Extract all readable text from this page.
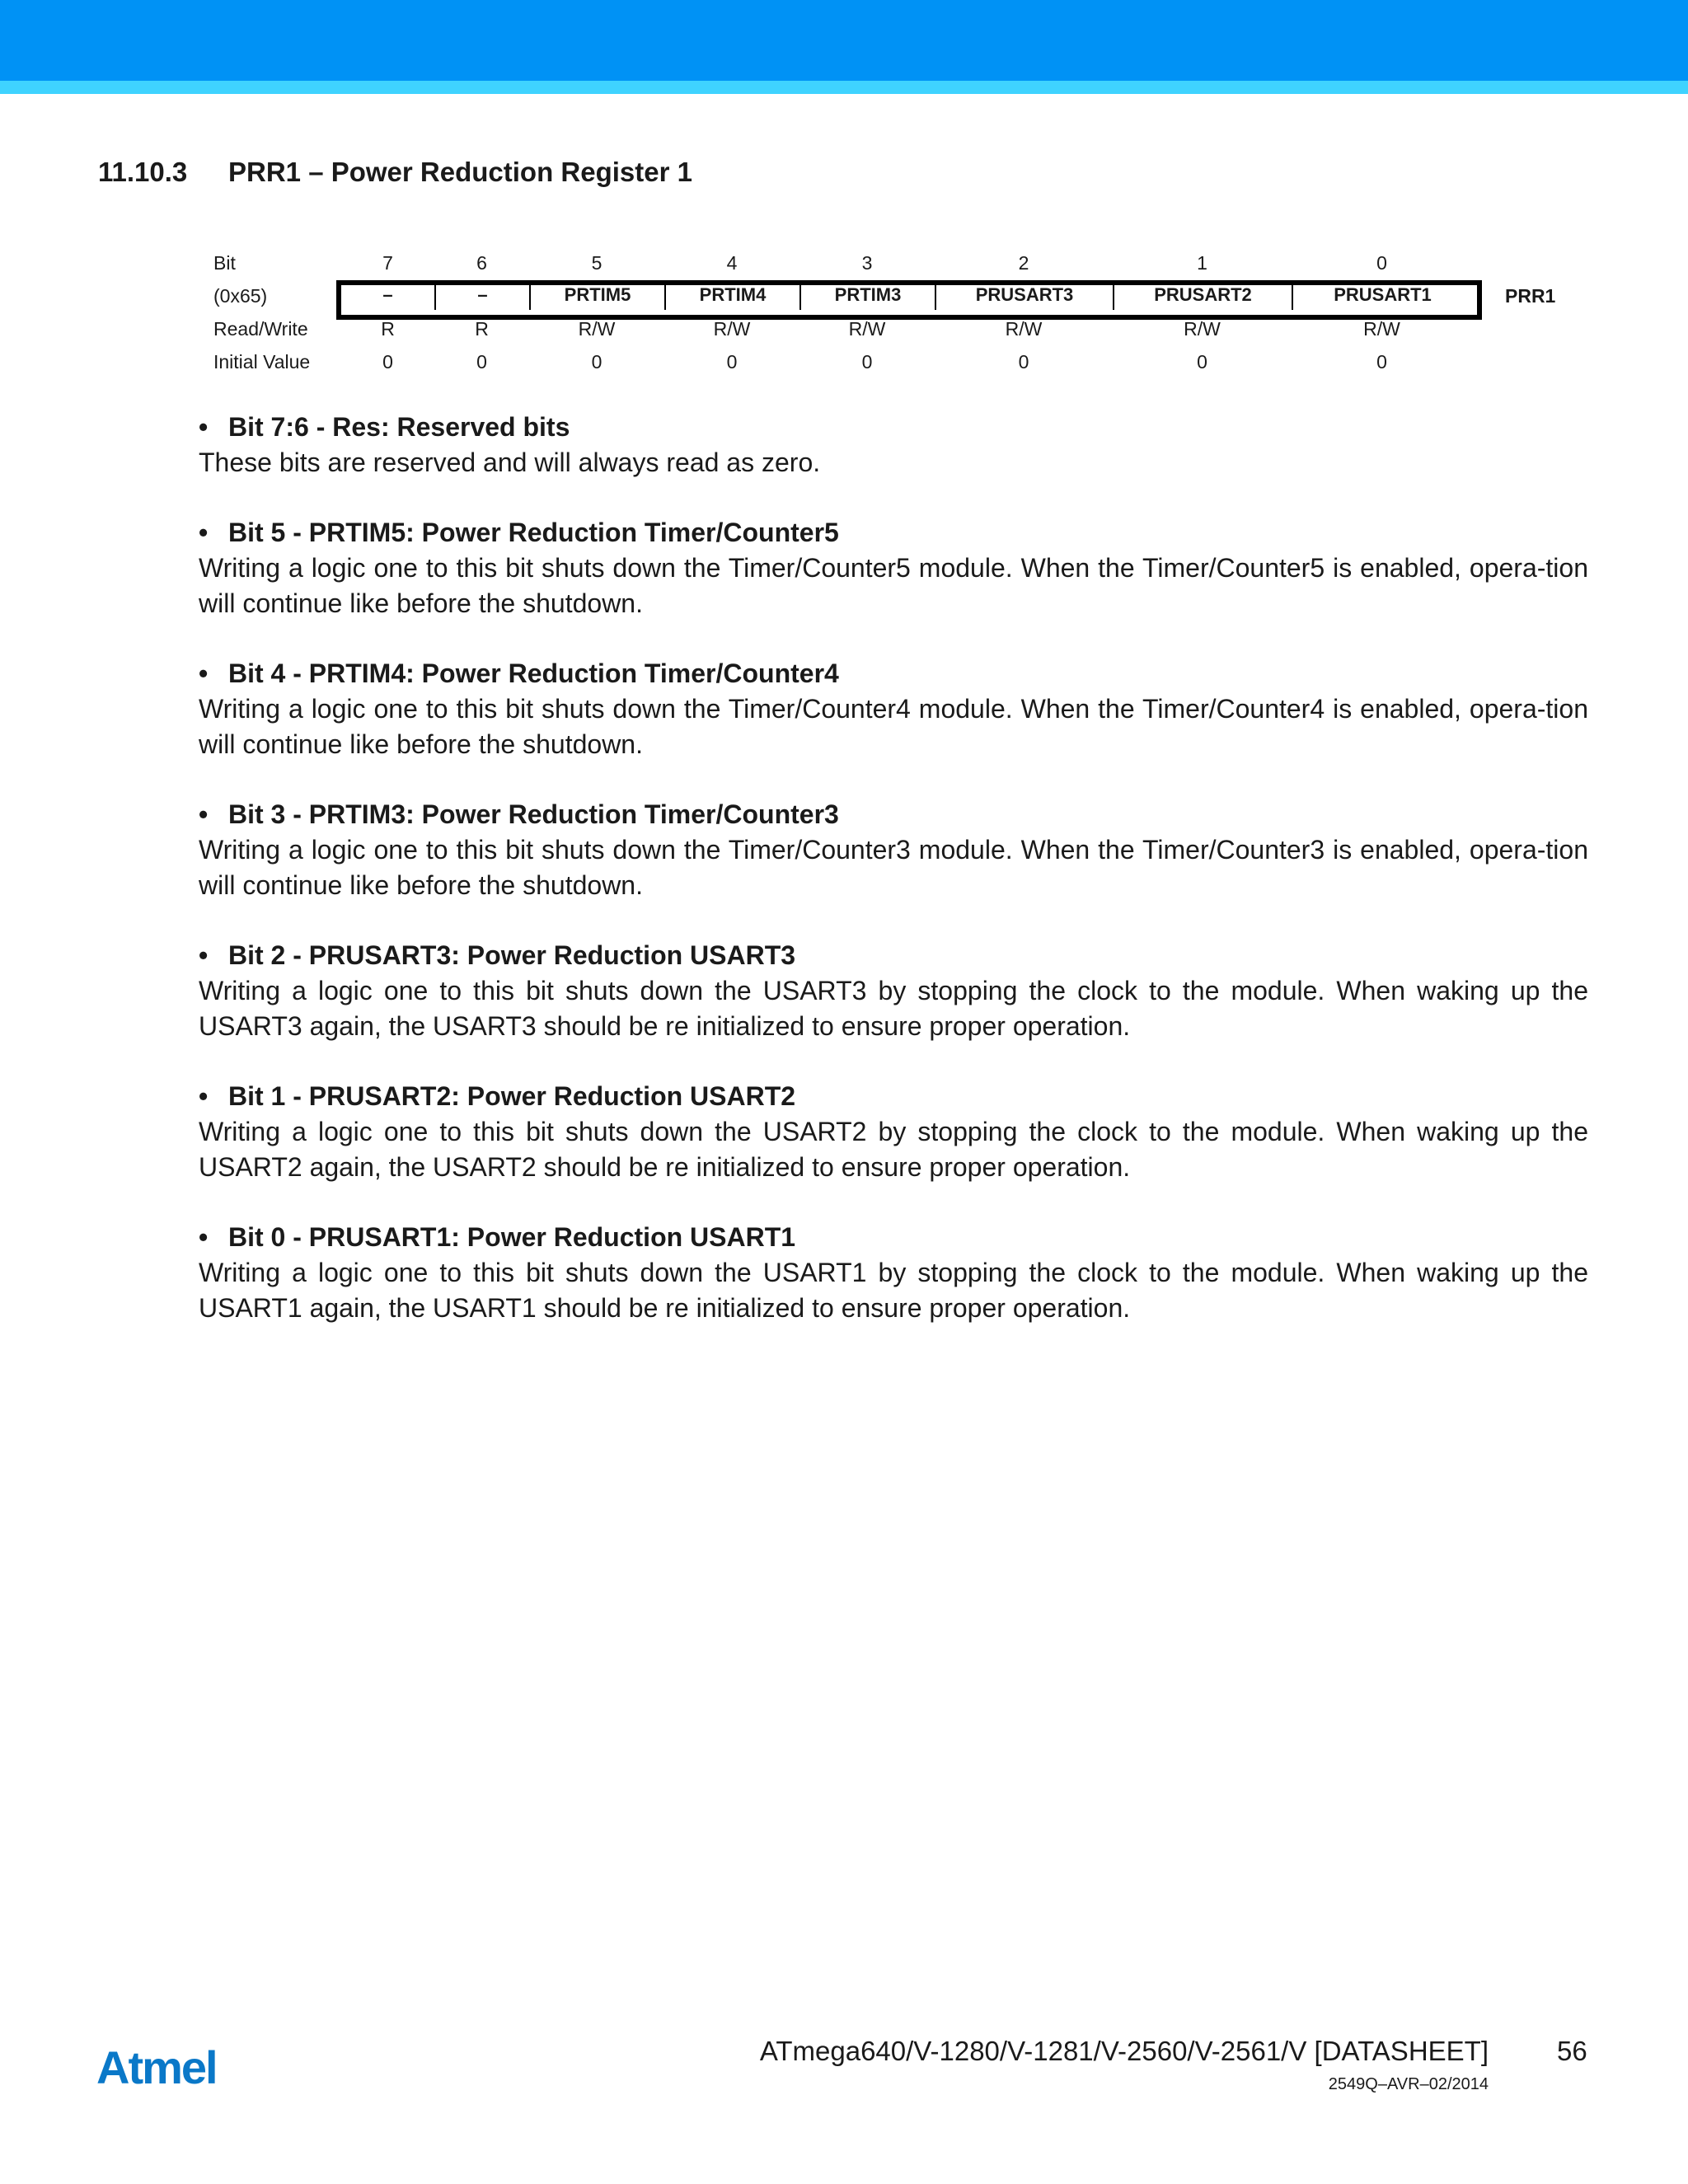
11.10.3 PRR1 – Power Reduction Register 1
Bit
(0x65)
Read/Write
Initial Value
PRR1
7
–
R
0
6
–
R
0
5
PRTIM5
R/W
0
4
PRTIM4
R/W
0
3
PRTIM3
R/W
0
2
PRUSART3
R/W
0
1
PRUSART2
R/W
0
0
PRUSART1
R/W
0
• Bit 7:6 - Res: Reserved bits
These bits are reserved and will always read as zero.
• Bit 5 - PRTIM5: Power Reduction Timer/Counter5
Writing a logic one to this bit shuts down the Timer/Counter5 module. When the Timer/Counter5 is enabled, opera-tion will continue like before the shutdown.
• Bit 4 - PRTIM4: Power Reduction Timer/Counter4
Writing a logic one to this bit shuts down the Timer/Counter4 module. When the Timer/Counter4 is enabled, opera-tion will continue like before the shutdown.
• Bit 3 - PRTIM3: Power Reduction Timer/Counter3
Writing a logic one to this bit shuts down the Timer/Counter3 module. When the Timer/Counter3 is enabled, opera-tion will continue like before the shutdown.
• Bit 2 - PRUSART3: Power Reduction USART3
Writing a logic one to this bit shuts down the USART3 by stopping the clock to the module. When waking up the USART3 again, the USART3 should be re initialized to ensure proper operation.
• Bit 1 - PRUSART2: Power Reduction USART2
Writing a logic one to this bit shuts down the USART2 by stopping the clock to the module. When waking up the USART2 again, the USART2 should be re initialized to ensure proper operation.
• Bit 0 - PRUSART1: Power Reduction USART1
Writing a logic one to this bit shuts down the USART1 by stopping the clock to the module. When waking up the USART1 again, the USART1 should be re initialized to ensure proper operation.
Atmel	ATmega640/V-1280/V-1281/V-2560/V-2561/V [DATASHEET]	56
2549Q–AVR–02/2014
